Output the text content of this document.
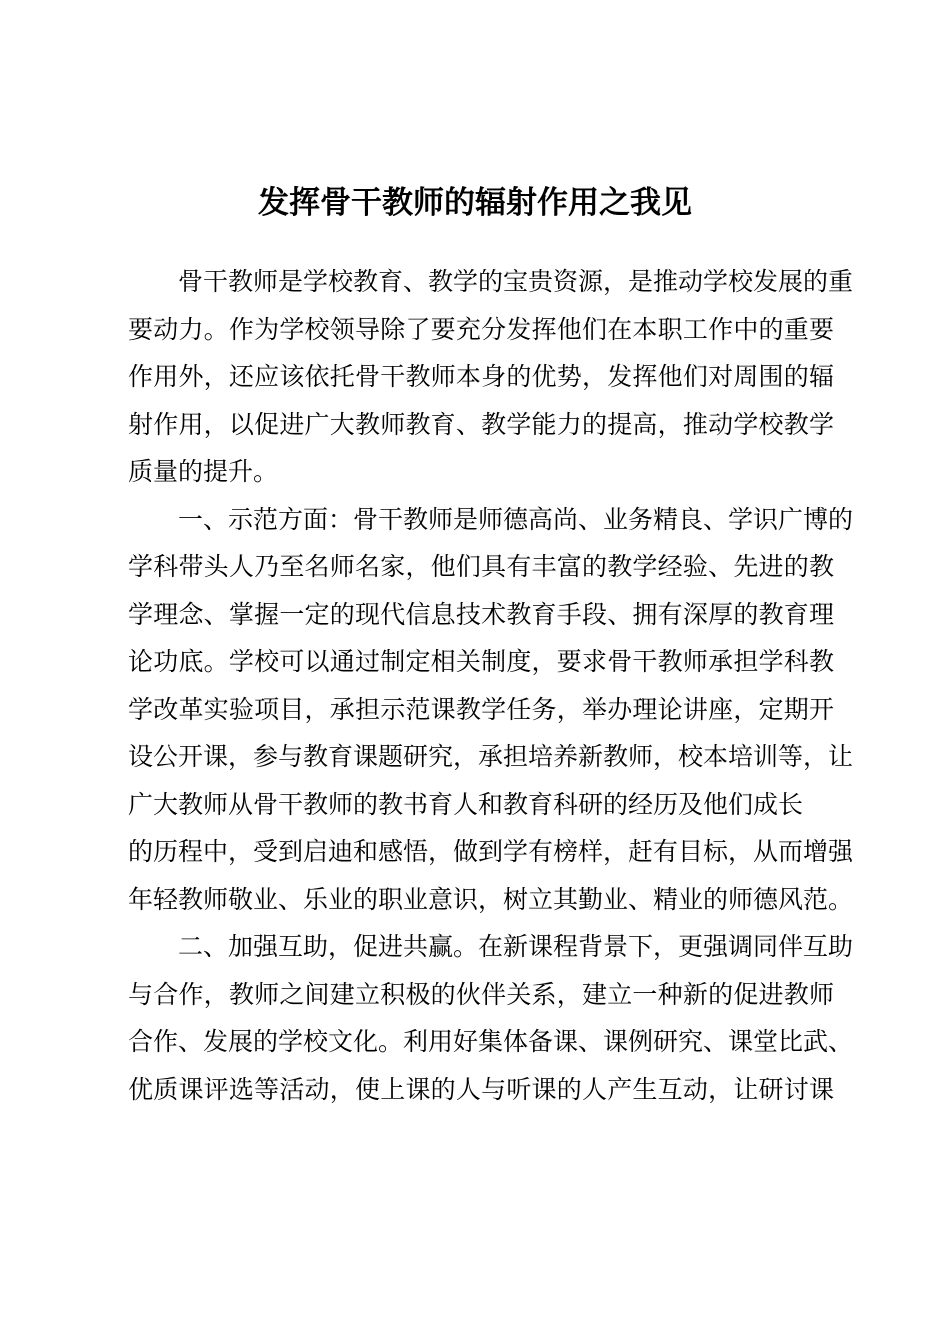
发挥骨干教师的辐射作用之我见
骨干教师是学校教育、教学的宝贵资源，是推动学校发展的重
要动力。作为学校领导除了要充分发挥他们在本职工作中的重要
作用外，还应该依托骨干教师本身的优势，发挥他们对周围的辐
射作用，以促进广大教师教育、教学能力的提高，推动学校教学
质量的提升。
一、示范方面：骨干教师是师德高尚、业务精良、学识广博的
学科带头人乃至名师名家，他们具有丰富的教学经验、先进的教
学理念、掌握一定的现代信息技术教育手段、拥有深厚的教育理
论功底。学校可以通过制定相关制度，要求骨干教师承担学科教
学改革实验项目，承担示范课教学任务，举办理论讲座，定期开
设公开课，参与教育课题研究，承担培养新教师，校本培训等，让
广大教师从骨干教师的教书育人和教育科研的经历及他们成长
的历程中，受到启迪和感悟，做到学有榜样，赶有目标，从而增强
年轻教师敬业、乐业的职业意识，树立其勤业、精业的师德风范。
二、加强互助，促进共赢。在新课程背景下，更强调同伴互助
与合作，教师之间建立积极的伙伴关系，建立一种新的促进教师
合作、发展的学校文化。利用好集体备课、课例研究、课堂比武、
优质课评选等活动，使上课的人与听课的人产生互动，让研讨课
